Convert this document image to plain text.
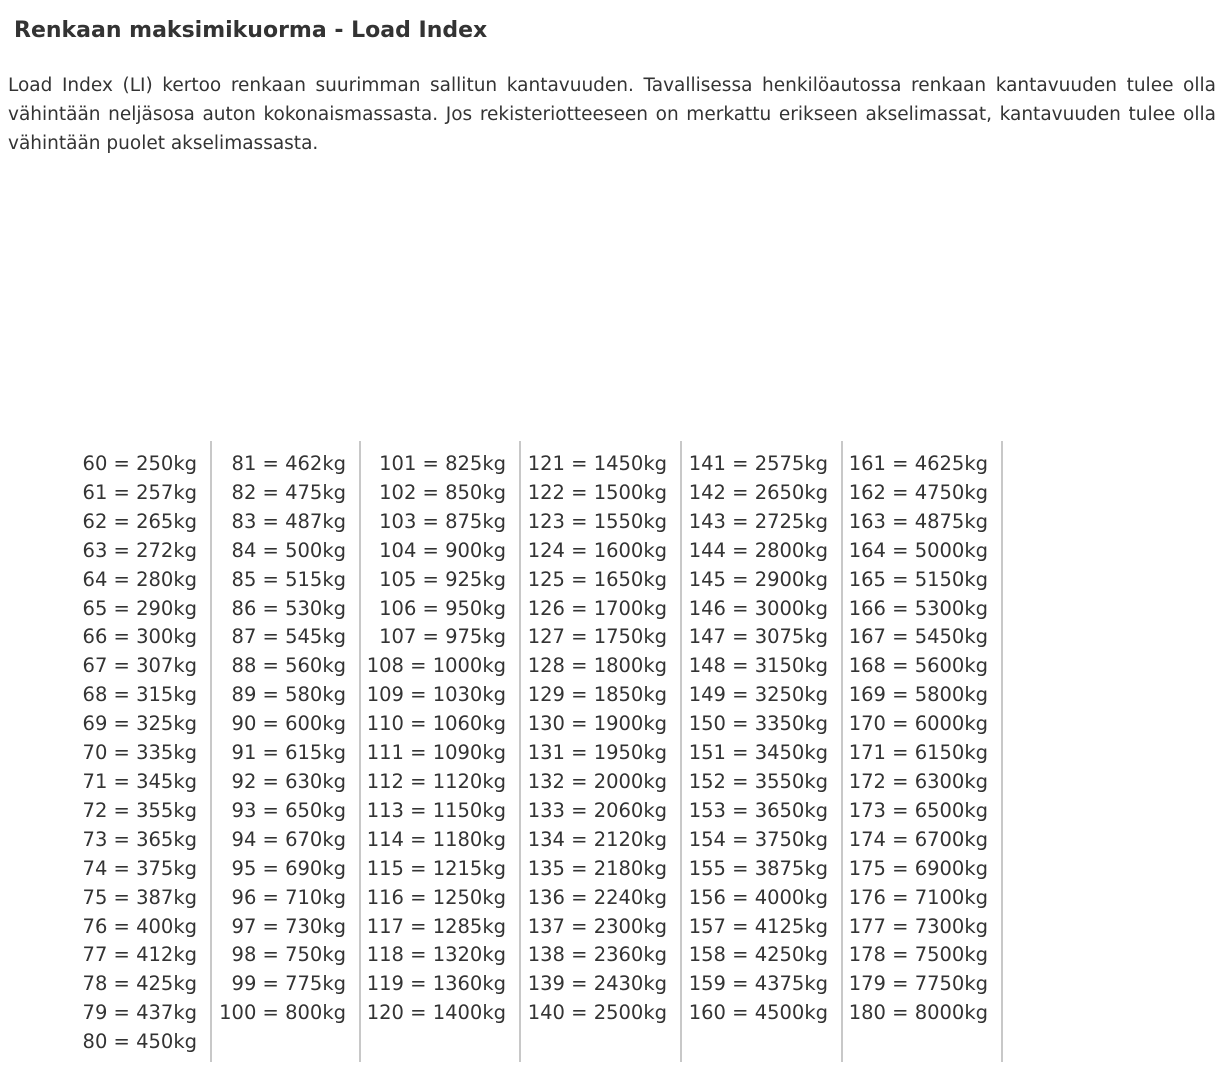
Renkaan maksimikuorma - Load Index

Load Index (LI) kertoo renkaan suurimman sallitun kantavuuden. Tavallisessa henkilöautossa renkaan kantavuuden tulee olla vähintään neljäsosa auton kokonaismassasta. Jos rekisteriotteeseen on merkattu erikseen akselimassat, kantavuuden tulee olla vähintään puolet akselimassasta.

60 = 250kg
61 = 257kg
62 = 265kg
63 = 272kg
64 = 280kg
65 = 290kg
66 = 300kg
67 = 307kg
68 = 315kg
69 = 325kg
70 = 335kg
71 = 345kg
72 = 355kg
73 = 365kg
74 = 375kg
75 = 387kg
76 = 400kg
77 = 412kg
78 = 425kg
79 = 437kg
80 = 450kg
81 = 462kg
82 = 475kg
83 = 487kg
84 = 500kg
85 = 515kg
86 = 530kg
87 = 545kg
88 = 560kg
89 = 580kg
90 = 600kg
91 = 615kg
92 = 630kg
93 = 650kg
94 = 670kg
95 = 690kg
96 = 710kg
97 = 730kg
98 = 750kg
99 = 775kg
100 = 800kg
101 = 825kg
102 = 850kg
103 = 875kg
104 = 900kg
105 = 925kg
106 = 950kg
107 = 975kg
108 = 1000kg
109 = 1030kg
110 = 1060kg
111 = 1090kg
112 = 1120kg
113 = 1150kg
114 = 1180kg
115 = 1215kg
116 = 1250kg
117 = 1285kg
118 = 1320kg
119 = 1360kg
120 = 1400kg
121 = 1450kg
122 = 1500kg
123 = 1550kg
124 = 1600kg
125 = 1650kg
126 = 1700kg
127 = 1750kg
128 = 1800kg
129 = 1850kg
130 = 1900kg
131 = 1950kg
132 = 2000kg
133 = 2060kg
134 = 2120kg
135 = 2180kg
136 = 2240kg
137 = 2300kg
138 = 2360kg
139 = 2430kg
140 = 2500kg
141 = 2575kg
142 = 2650kg
143 = 2725kg
144 = 2800kg
145 = 2900kg
146 = 3000kg
147 = 3075kg
148 = 3150kg
149 = 3250kg
150 = 3350kg
151 = 3450kg
152 = 3550kg
153 = 3650kg
154 = 3750kg
155 = 3875kg
156 = 4000kg
157 = 4125kg
158 = 4250kg
159 = 4375kg
160 = 4500kg
161 = 4625kg
162 = 4750kg
163 = 4875kg
164 = 5000kg
165 = 5150kg
166 = 5300kg
167 = 5450kg
168 = 5600kg
169 = 5800kg
170 = 6000kg
171 = 6150kg
172 = 6300kg
173 = 6500kg
174 = 6700kg
175 = 6900kg
176 = 7100kg
177 = 7300kg
178 = 7500kg
179 = 7750kg
180 = 8000kg
